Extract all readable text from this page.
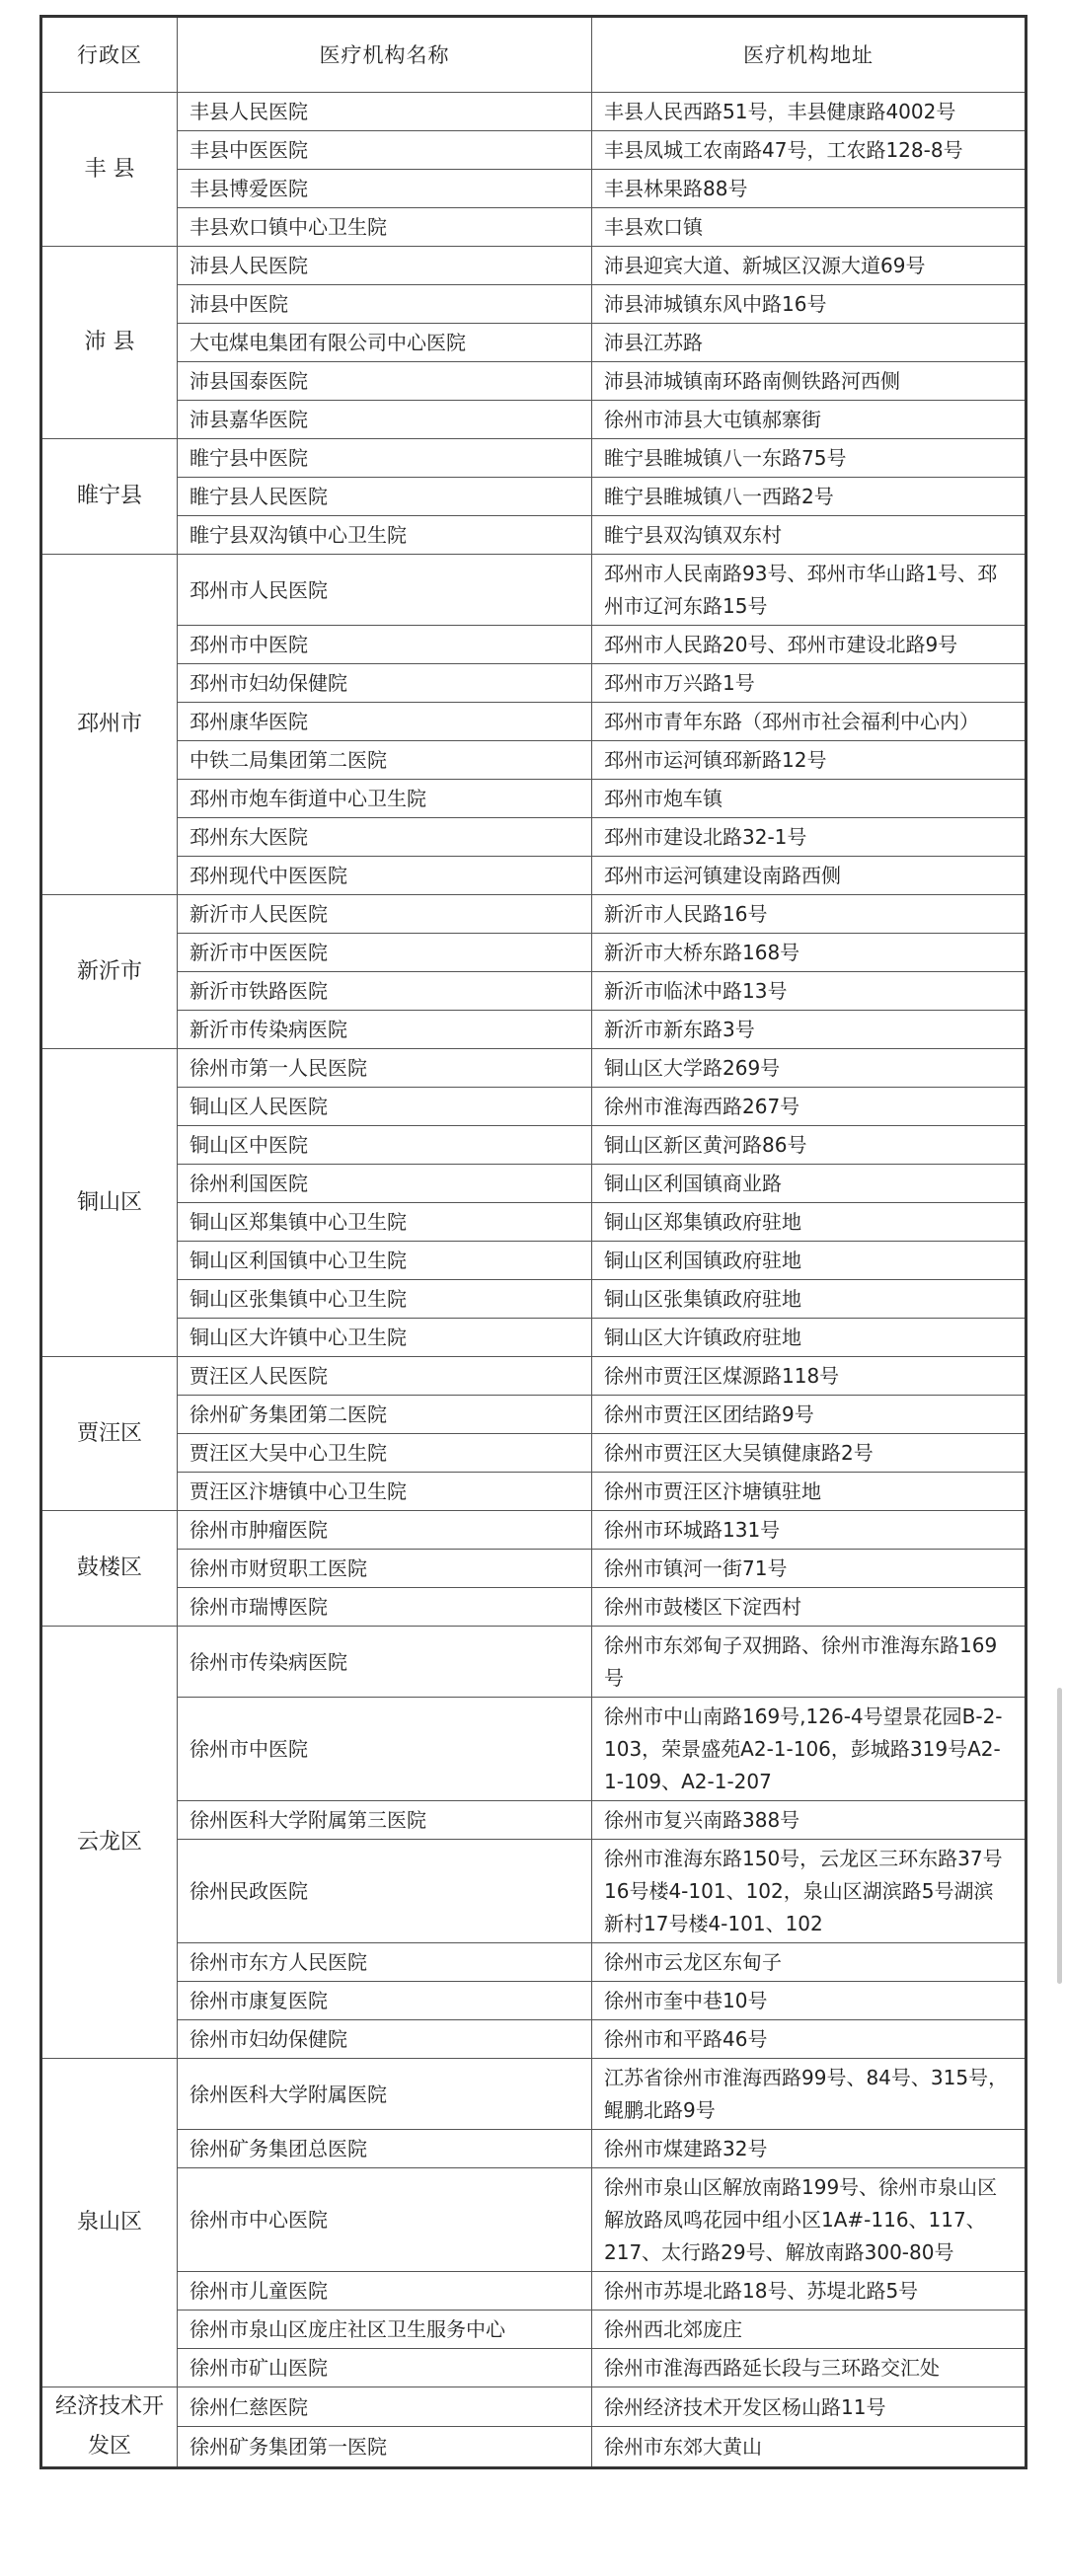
行政区	医疗机构名称	医疗机构地址
丰 县	丰县人民医院	丰县人民西路51号，丰县健康路4002号
	丰县中医医院	丰县凤城工农南路47号，工农路128-8号
	丰县博爱医院	丰县林果路88号
	丰县欢口镇中心卫生院	丰县欢口镇
沛 县	沛县人民医院	沛县迎宾大道、新城区汉源大道69号
	沛县中医院	沛县沛城镇东风中路16号
	大屯煤电集团有限公司中心医院	沛县江苏路
	沛县国泰医院	沛县沛城镇南环路南侧铁路河西侧
	沛县嘉华医院	徐州市沛县大屯镇郝寨街
睢宁县	睢宁县中医院	睢宁县睢城镇八一东路75号
	睢宁县人民医院	睢宁县睢城镇八一西路2号
	睢宁县双沟镇中心卫生院	睢宁县双沟镇双东村
邳州市	邳州市人民医院	邳州市人民南路93号、邳州市华山路1号、邳州市辽河东路15号
	邳州市中医院	邳州市人民路20号、邳州市建设北路9号
	邳州市妇幼保健院	邳州市万兴路1号
	邳州康华医院	邳州市青年东路（邳州市社会福利中心内）
	中铁二局集团第二医院	邳州市运河镇邳新路12号
	邳州市炮车街道中心卫生院	邳州市炮车镇
	邳州东大医院	邳州市建设北路32-1号
	邳州现代中医医院	邳州市运河镇建设南路西侧
新沂市	新沂市人民医院	新沂市人民路16号
	新沂市中医医院	新沂市大桥东路168号
	新沂市铁路医院	新沂市临沭中路13号
	新沂市传染病医院	新沂市新东路3号
铜山区	徐州市第一人民医院	铜山区大学路269号
	铜山区人民医院	徐州市淮海西路267号
	铜山区中医院	铜山区新区黄河路86号
	徐州利国医院	铜山区利国镇商业路
	铜山区郑集镇中心卫生院	铜山区郑集镇政府驻地
	铜山区利国镇中心卫生院	铜山区利国镇政府驻地
	铜山区张集镇中心卫生院	铜山区张集镇政府驻地
	铜山区大许镇中心卫生院	铜山区大许镇政府驻地
贾汪区	贾汪区人民医院	徐州市贾汪区煤源路118号
	徐州矿务集团第二医院	徐州市贾汪区团结路9号
	贾汪区大吴中心卫生院	徐州市贾汪区大吴镇健康路2号
	贾汪区汴塘镇中心卫生院	徐州市贾汪区汴塘镇驻地
鼓楼区	徐州市肿瘤医院	徐州市环城路131号
	徐州市财贸职工医院	徐州市镇河一街71号
	徐州市瑞博医院	徐州市鼓楼区下淀西村
云龙区	徐州市传染病医院	徐州市东郊甸子双拥路、徐州市淮海东路169号
	徐州市中医院	徐州市中山南路169号,126-4号望景花园B-2-103，荣景盛苑A2-1-106，彭城路319号A2-1-109、A2-1-207
	徐州医科大学附属第三医院	徐州市复兴南路388号
	徐州民政医院	徐州市淮海东路150号，云龙区三环东路37号16号楼4-101、102，泉山区湖滨路5号湖滨新村17号楼4-101、102
	徐州市东方人民医院	徐州市云龙区东甸子
	徐州市康复医院	徐州市奎中巷10号
	徐州市妇幼保健院	徐州市和平路46号
泉山区	徐州医科大学附属医院	江苏省徐州市淮海西路99号、84号、315号，鲲鹏北路9号
	徐州矿务集团总医院	徐州市煤建路32号
	徐州市中心医院	徐州市泉山区解放南路199号、徐州市泉山区解放路凤鸣花园中组小区1A#-116、117、217、太行路29号、解放南路300-80号
	徐州市儿童医院	徐州市苏堤北路18号、苏堤北路5号
	徐州市泉山区庞庄社区卫生服务中心	徐州西北郊庞庄
	徐州市矿山医院	徐州市淮海西路延长段与三环路交汇处
经济技术开发区	徐州仁慈医院	徐州经济技术开发区杨山路11号
	徐州矿务集团第一医院	徐州市东郊大黄山
